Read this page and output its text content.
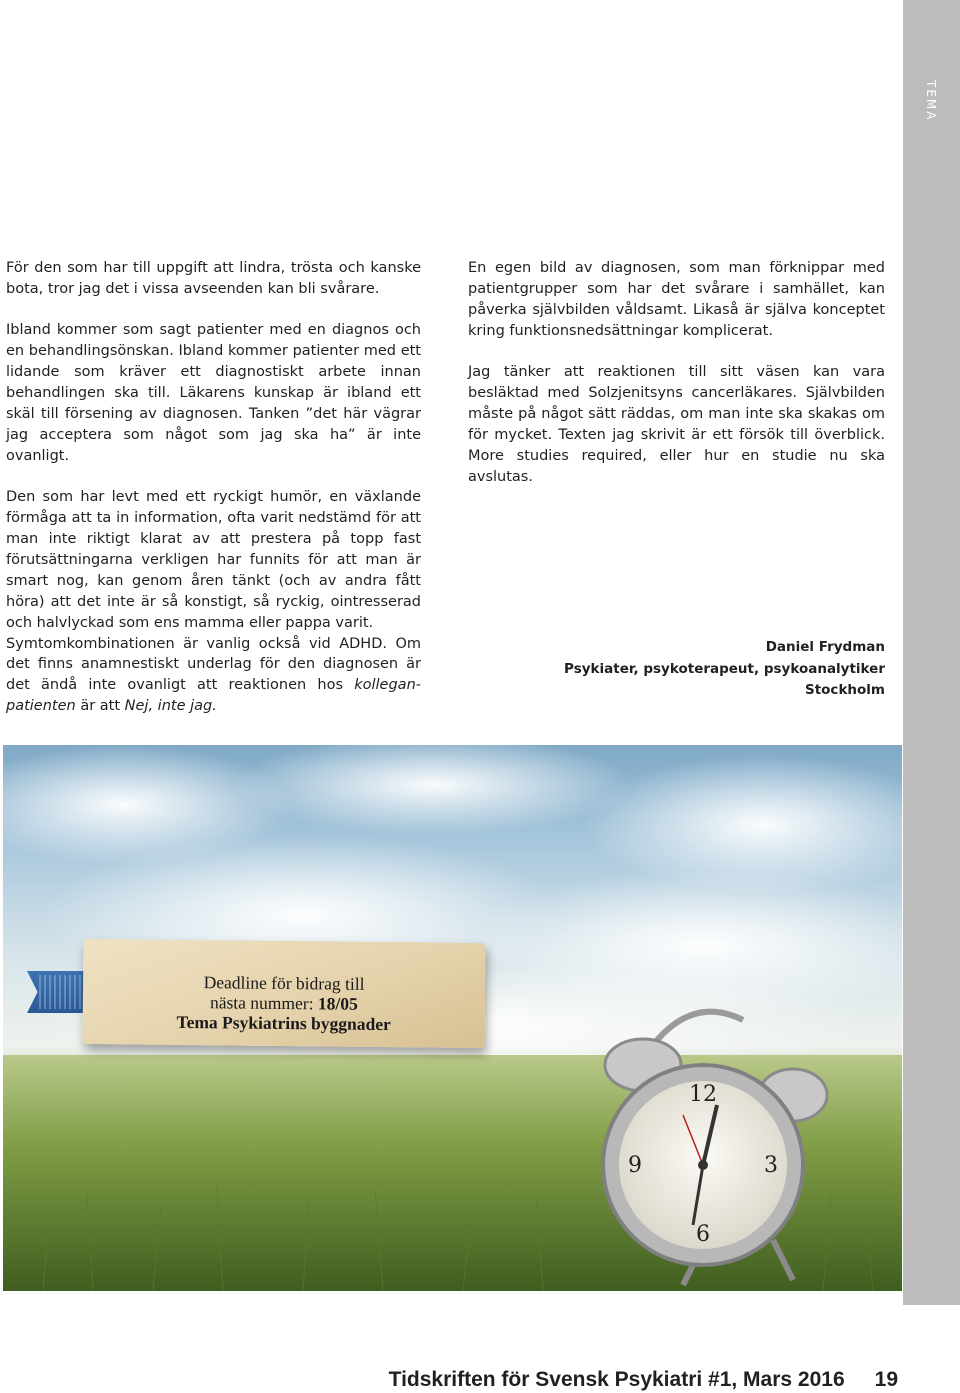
TEMA

För den som har till uppgift att lindra, trösta och kanske bota, tror jag det i vissa avseenden kan bli svårare.

Ibland kommer som sagt patienter med en diagnos och en behandlingsönskan. Ibland kommer patienter med ett lidande som kräver ett diagnostiskt arbete innan behandlingen ska till. Läkarens kunskap är ibland ett skäl till försening av diagnosen. Tanken ”det här vägrar jag acceptera som något som jag ska ha” är inte ovanligt.

Den som har levt med ett ryckigt humör, en växlande förmåga att ta in information, ofta varit nedstämd för att man inte riktigt klarat av att prestera på topp fast förutsättningarna verkligen har funnits för att man är smart nog, kan genom åren tänkt (och av andra fått höra) att det inte är så konstigt, så ryckig, ointresserad och halvlyckad som ens mamma eller pappa varit.

Symtomkombinationen är vanlig också vid ADHD. Om det finns anamnestiskt underlag för den diagnosen är det ändå inte ovanligt att reaktionen hos kollegan-patienten är att Nej, inte jag.

En egen bild av diagnosen, som man förknippar med patientgrupper som har det svårare i samhället, kan påverka självbilden våldsamt. Likaså är själva konceptet kring funktionsnedsättningar komplicerat.

Jag tänker att reaktionen till sitt väsen kan vara besläktad med Solzjenitsyns cancerläkares. Självbilden måste på något sätt räddas, om man inte ska skakas om för mycket. Texten jag skrivit är ett försök till överblick. More studies required, eller hur en studie nu ska avslutas.

Daniel Frydman
Psykiater, psykoterapeut, psykoanalytiker
Stockholm
12
3
6
9
Deadline för bidrag till
nästa nummer: 18/05
Tema Psykiatrins byggnader
Tidskriften för Svensk Psykiatri #1, Mars 2016 19
